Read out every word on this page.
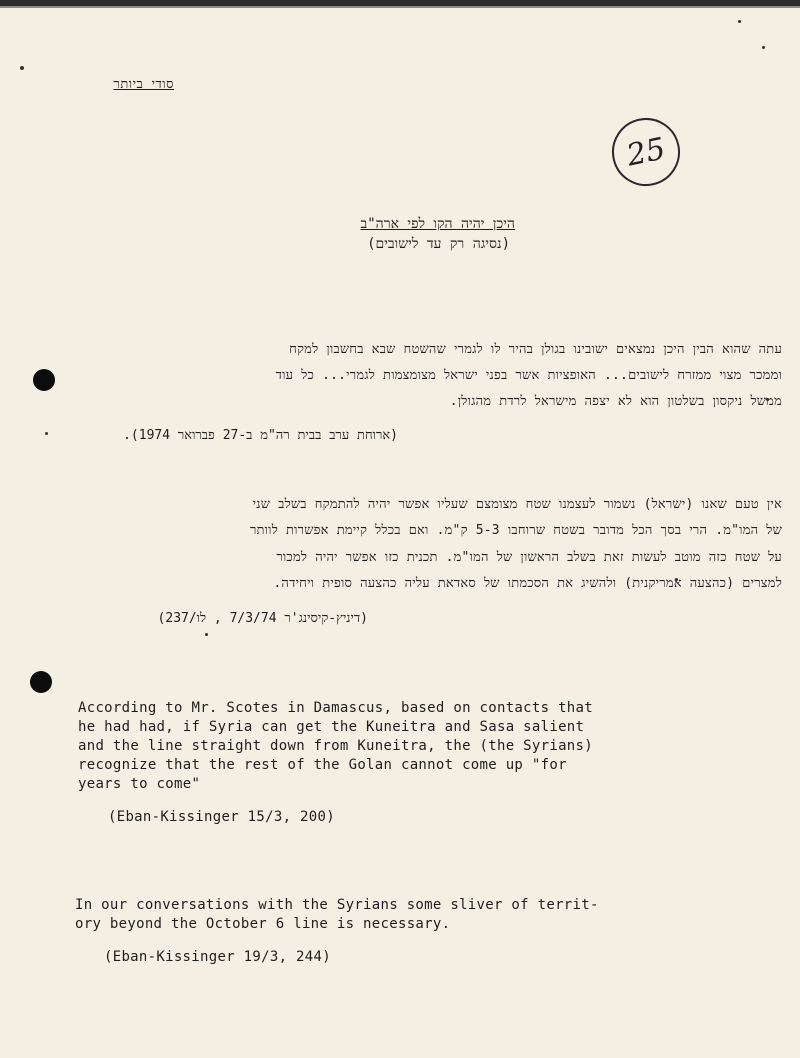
סודי ביותר
25
היכן יהיה הקו לפי ארה"ב
(נסיגה רק עד לישובים)
עתה שהוא הבין היכן נמצאים ישובינו בגולן בהיר לו לגמרי שהשטח שבא בחשבון למקח
וממכר מצוי ממזרח לישובים... האופציות אשר בפני ישראל מצומצמות לגמרי... כל עוד
ממשל ניקסון בשלטון הוא לא יצפה מישראל לרדת מהגולן.
(ארוחת ערב בבית רה"מ ב-27 פברואר 1974).
אין טעם שאנו (ישראל) נשמור לעצמנו שטח מצומצם שעליו אפשר יהיה להתמקח בשלב שני
של המו"מ. הרי בסך הכל מדובר בשטח שרוחבו 5-3 ק"מ. ואם בכלל קיימת אפשרות לוותר
על שטח כזה מוטב לעשות זאת בשלב הראשון של המו"מ. תכנית כזו אפשר יהיה למכור
למצרים (כהצעה אמריקנית) ולהשיג את הסכמתו של סאדאת עליה כהצעה סופית ויחידה.
(דיניץ-קיסינג'ר 7/3/74 , לו/237)
According to Mr. Scotes in Damascus, based on contacts that
he had had, if Syria can get the Kuneitra and Sasa salient
and the line straight down from Kuneitra, the (the Syrians)
recognize that the rest of the Golan cannot come up "for
years to come"
(Eban-Kissinger 15/3, 200)
In our conversations with the Syrians some sliver of territ-
ory beyond the October 6 line is necessary.
(Eban-Kissinger 19/3, 244)
